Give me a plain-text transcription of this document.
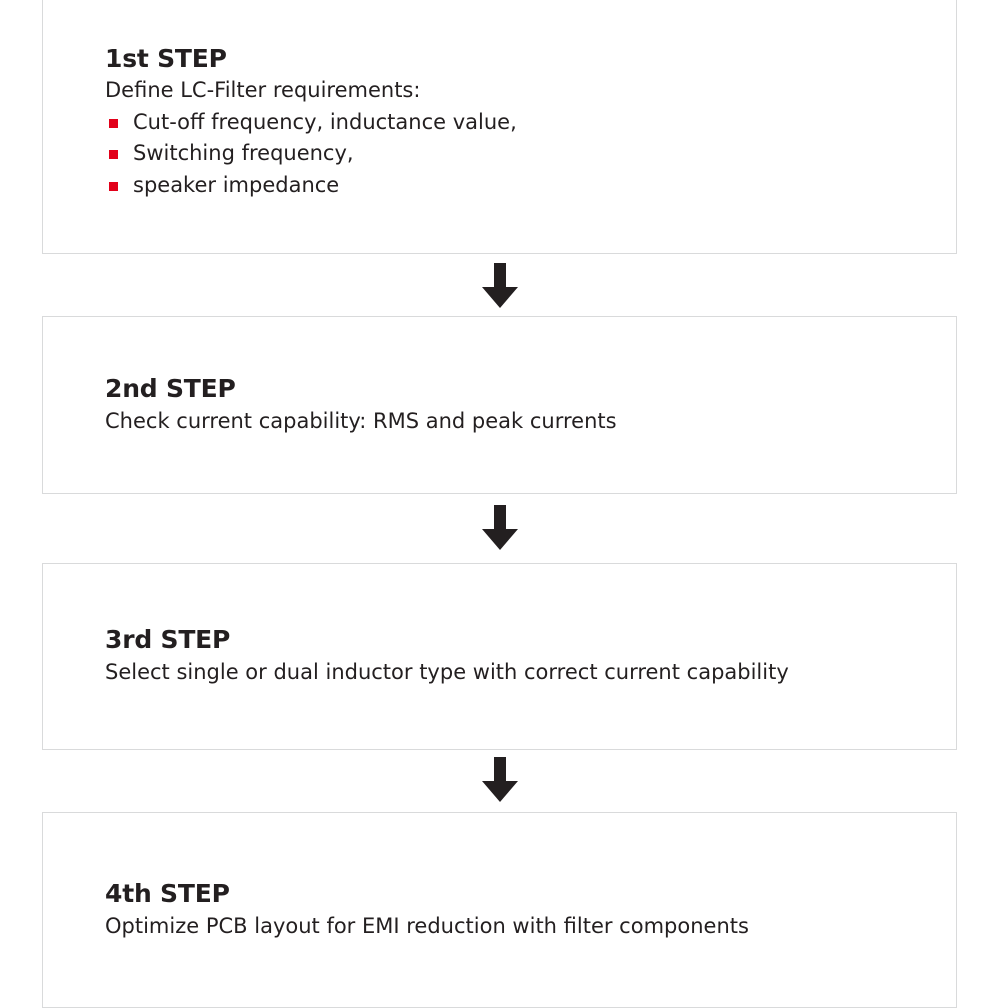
1st STEP
Define LC-Filter requirements:
Cut-off frequency, inductance value,
Switching frequency,
speaker impedance
2nd STEP
Check current capability: RMS and peak currents
3rd STEP
Select single or dual inductor type with correct current capability
4th STEP
Optimize PCB layout for EMI reduction with filter components
